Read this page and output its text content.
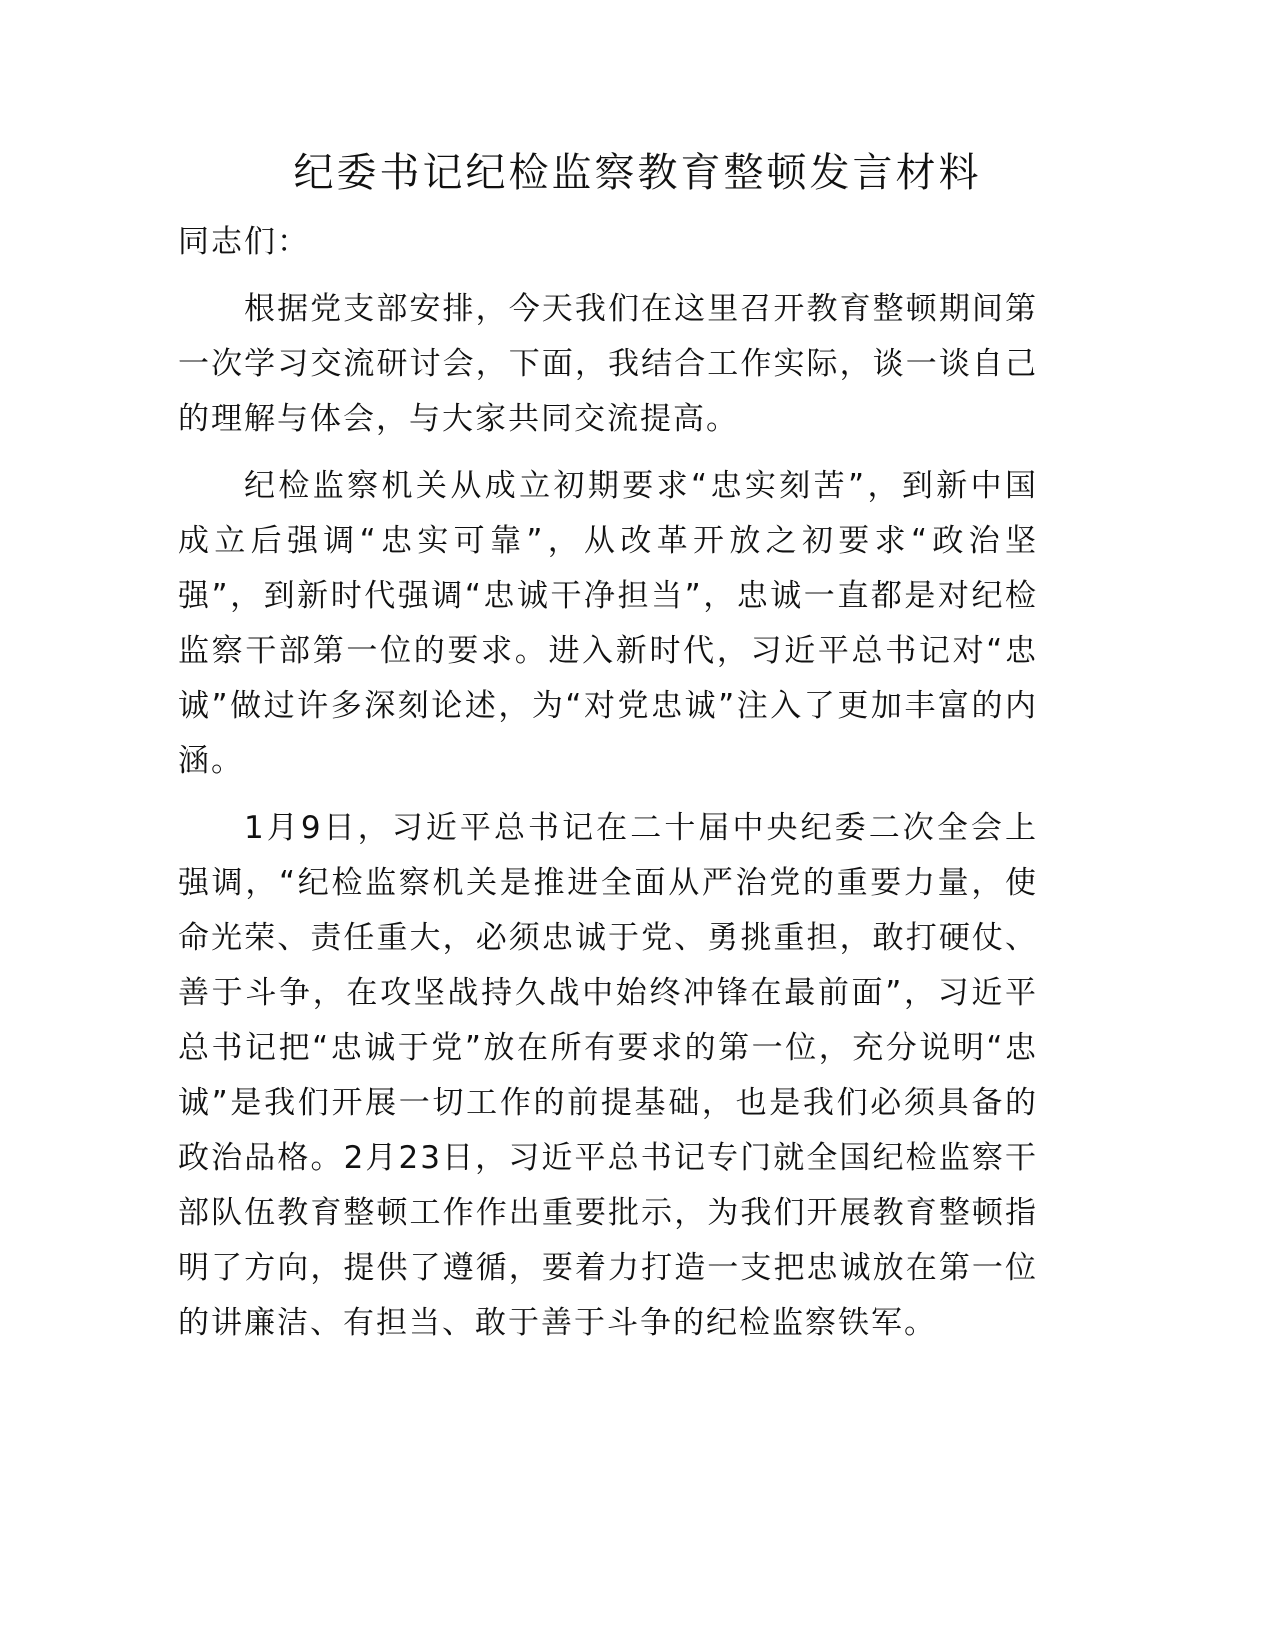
纪委书记纪检监察教育整顿发言材料

同志们：

根据党支部安排，今天我们在这里召开教育整顿期间第一次学习交流研讨会，下面，我结合工作实际，谈一谈自己的理解与体会，与大家共同交流提高。

纪检监察机关从成立初期要求“忠实刻苦”，到新中国成立后强调“忠实可靠”，从改革开放之初要求“政治坚强”，到新时代强调“忠诚干净担当”，忠诚一直都是对纪检监察干部第一位的要求。进入新时代，习近平总书记对“忠诚”做过许多深刻论述，为“对党忠诚”注入了更加丰富的内涵。

1月9日，习近平总书记在二十届中央纪委二次全会上强调，“纪检监察机关是推进全面从严治党的重要力量，使命光荣、责任重大，必须忠诚于党、勇挑重担，敢打硬仗、善于斗争，在攻坚战持久战中始终冲锋在最前面”，习近平总书记把“忠诚于党”放在所有要求的第一位，充分说明“忠诚”是我们开展一切工作的前提基础，也是我们必须具备的政治品格。2月23日，习近平总书记专门就全国纪检监察干部队伍教育整顿工作作出重要批示，为我们开展教育整顿指明了方向，提供了遵循，要着力打造一支把忠诚放在第一位的讲廉洁、有担当、敢于善于斗争的纪检监察铁军。
